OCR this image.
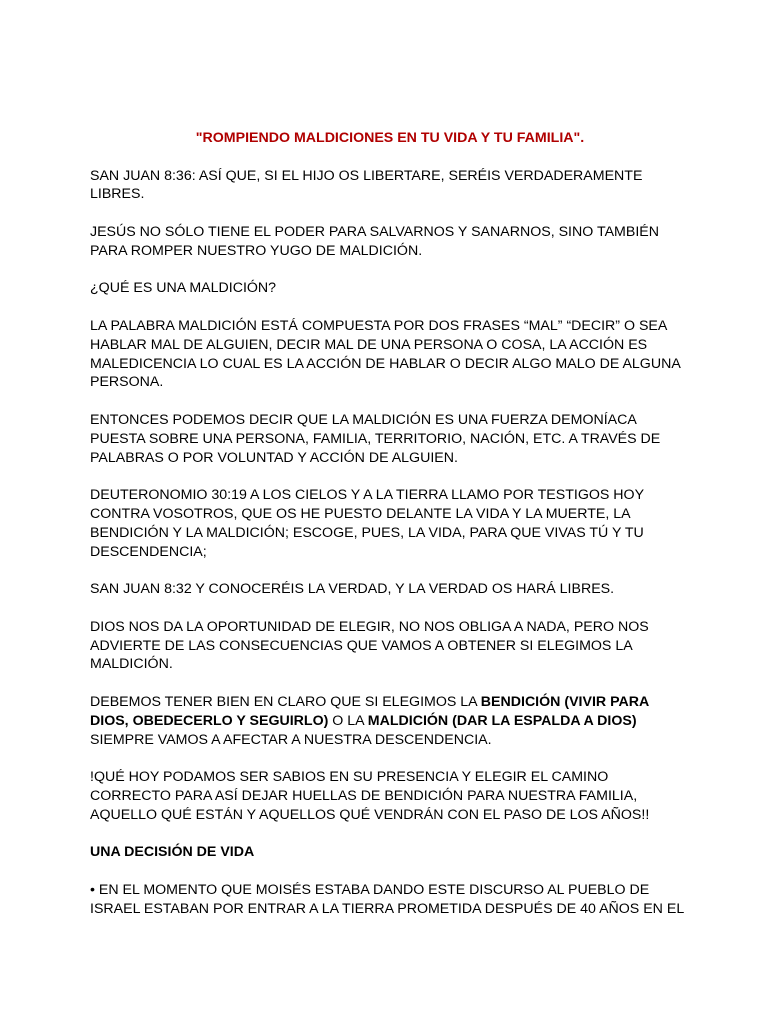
"ROMPIENDO MALDICIONES EN TU VIDA Y TU FAMILIA".
SAN JUAN 8:36: ASÍ QUE, SI EL HIJO OS LIBERTARE, SERÉIS VERDADERAMENTE LIBRES.
JESÚS NO SÓLO TIENE EL PODER PARA SALVARNOS Y SANARNOS, SINO TAMBIÉN PARA ROMPER NUESTRO YUGO DE MALDICIÓN.
¿QUÉ ES UNA MALDICIÓN?
LA PALABRA MALDICIÓN ESTÁ COMPUESTA POR DOS FRASES “MAL” “DECIR” O SEA HABLAR MAL DE ALGUIEN, DECIR MAL DE UNA PERSONA O COSA, LA ACCIÓN ES MALEDICENCIA LO CUAL ES LA ACCIÓN DE HABLAR O DECIR ALGO MALO DE ALGUNA PERSONA.
ENTONCES PODEMOS DECIR QUE LA MALDICIÓN ES UNA FUERZA DEMONÍACA PUESTA SOBRE UNA PERSONA, FAMILIA, TERRITORIO, NACIÓN, ETC. A TRAVÉS DE PALABRAS O POR VOLUNTAD Y ACCIÓN DE ALGUIEN.
DEUTERONOMIO 30:19 A LOS CIELOS Y A LA TIERRA LLAMO POR TESTIGOS HOY CONTRA VOSOTROS, QUE OS HE PUESTO DELANTE LA VIDA Y LA MUERTE, LA BENDICIÓN Y LA MALDICIÓN; ESCOGE, PUES, LA VIDA, PARA QUE VIVAS TÚ Y TU DESCENDENCIA;
SAN JUAN 8:32 Y CONOCERÉIS LA VERDAD, Y LA VERDAD OS HARÁ LIBRES.
DIOS NOS DA LA OPORTUNIDAD DE ELEGIR, NO NOS OBLIGA A NADA, PERO NOS ADVIERTE DE LAS CONSECUENCIAS QUE VAMOS A OBTENER SI ELEGIMOS LA MALDICIÓN.
DEBEMOS TENER BIEN EN CLARO QUE SI ELEGIMOS LA BENDICIÓN (VIVIR PARA DIOS, OBEDECERLO Y SEGUIRLO) O LA MALDICIÓN (DAR LA ESPALDA A DIOS) SIEMPRE VAMOS A AFECTAR A NUESTRA DESCENDENCIA.
!QUÉ HOY PODAMOS SER SABIOS EN SU PRESENCIA Y ELEGIR EL CAMINO CORRECTO PARA ASÍ DEJAR HUELLAS DE BENDICIÓN PARA NUESTRA FAMILIA, AQUELLO QUÉ ESTÁN Y AQUELLOS QUÉ VENDRÁN CON EL PASO DE LOS AÑOS!!
UNA DECISIÓN DE VIDA
• EN EL MOMENTO QUE MOISÉS ESTABA DANDO ESTE DISCURSO AL PUEBLO DE ISRAEL ESTABAN POR ENTRAR A LA TIERRA PROMETIDA DESPUÉS DE 40 AÑOS EN EL
